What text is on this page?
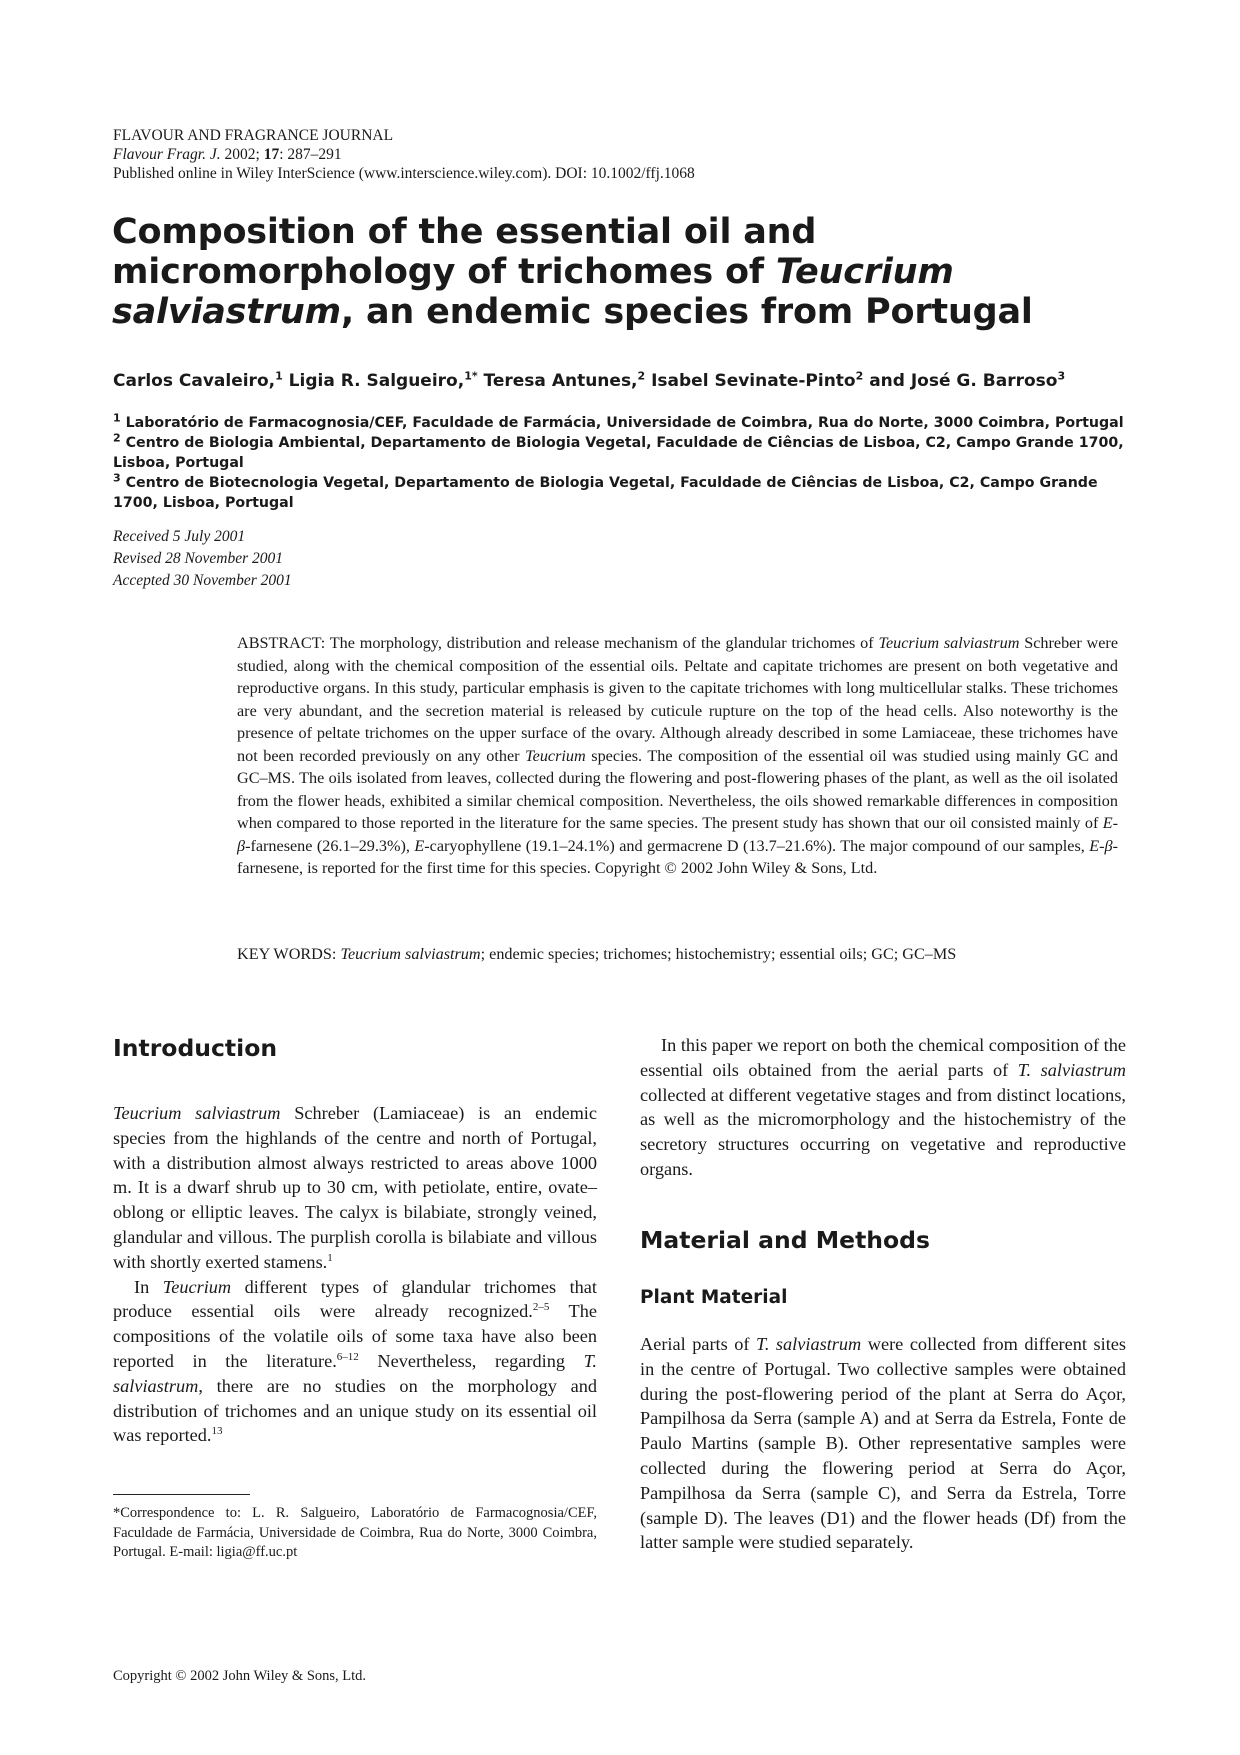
FLAVOUR AND FRAGRANCE JOURNAL
Flavour Fragr. J. 2002; 17: 287–291
Published online in Wiley InterScience (www.interscience.wiley.com). DOI: 10.1002/ffj.1068
Composition of the essential oil and micromorphology of trichomes of Teucrium salviastrum, an endemic species from Portugal
Carlos Cavaleiro,$^1$ Ligia R. Salgueiro,$^{1*}$ Teresa Antunes,$^2$ Isabel Sevinate-Pinto$^2$ and José G. Barroso$^3$
$^1$ Laboratório de Farmacognosia/CEF, Faculdade de Farmácia, Universidade de Coimbra, Rua do Norte, 3000 Coimbra, Portugal
$^2$ Centro de Biologia Ambiental, Departamento de Biologia Vegetal, Faculdade de Ciências de Lisboa, C2, Campo Grande 1700, Lisboa, Portugal
$^3$ Centro de Biotecnologia Vegetal, Departamento de Biologia Vegetal, Faculdade de Ciências de Lisboa, C2, Campo Grande 1700, Lisboa, Portugal
Received 5 July 2001
Revised 28 November 2001
Accepted 30 November 2001
ABSTRACT: The morphology, distribution and release mechanism of the glandular trichomes of Teucrium salviastrum Schreber were studied, along with the chemical composition of the essential oils. Peltate and capitate trichomes are present on both vegetative and reproductive organs. In this study, particular emphasis is given to the capitate trichomes with long multicellular stalks. These trichomes are very abundant, and the secretion material is released by cuticule rupture on the top of the head cells. Also noteworthy is the presence of peltate trichomes on the upper surface of the ovary. Although already described in some Lamiaceae, these trichomes have not been recorded previously on any other Teucrium species. The composition of the essential oil was studied using mainly GC and GC–MS. The oils isolated from leaves, collected during the flowering and post-flowering phases of the plant, as well as the oil isolated from the flower heads, exhibited a similar chemical composition. Nevertheless, the oils showed remarkable differences in composition when compared to those reported in the literature for the same species. The present study has shown that our oil consisted mainly of E-β-farnesene (26.1–29.3%), E-caryophyllene (19.1–24.1%) and germacrene D (13.7–21.6%). The major compound of our samples, E-β-farnesene, is reported for the first time for this species. Copyright © 2002 John Wiley & Sons, Ltd.
KEY WORDS: Teucrium salviastrum; endemic species; trichomes; histochemistry; essential oils; GC; GC–MS
Introduction

Teucrium salviastrum Schreber (Lamiaceae) is an endemic species from the highlands of the centre and north of Portugal, with a distribution almost always restricted to areas above 1000 m. It is a dwarf shrub up to 30 cm, with petiolate, entire, ovate–oblong or elliptic leaves. The calyx is bilabiate, strongly veined, glandular and villous. The purplish corolla is bilabiate and villous with shortly exerted stamens.$^1$

In Teucrium different types of glandular trichomes that produce essential oils were already recognized.$^{2-5}$ The compositions of the volatile oils of some taxa have also been reported in the literature.$^{6-12}$ Nevertheless, regarding T. salviastrum, there are no studies on the morphology and distribution of trichomes and an unique study on its essential oil was reported.$^{13}$

In this paper we report on both the chemical composition of the essential oils obtained from the aerial parts of T. salviastrum collected at different vegetative stages and from distinct locations, as well as the micromorphology and the histochemistry of the secretory structures occurring on vegetative and reproductive organs.

Material and Methods
Plant Material

Aerial parts of T. salviastrum were collected from different sites in the centre of Portugal. Two collective samples were obtained during the post-flowering period of the plant at Serra do Açor, Pampilhosa da Serra (sample A) and at Serra da Estrela, Fonte de Paulo Martins (sample B). Other representative samples were collected during the flowering period at Serra do Açor, Pampilhosa da Serra (sample C), and Serra da Estrela, Torre (sample D). The leaves (D1) and the flower heads (Df) from the latter sample were studied separately.

*Correspondence to: L. R. Salgueiro, Laboratório de Farmacognosia/CEF, Faculdade de Farmácia, Universidade de Coimbra, Rua do Norte, 3000 Coimbra, Portugal. E-mail: ligia@ff.uc.pt
Copyright © 2002 John Wiley & Sons, Ltd.
